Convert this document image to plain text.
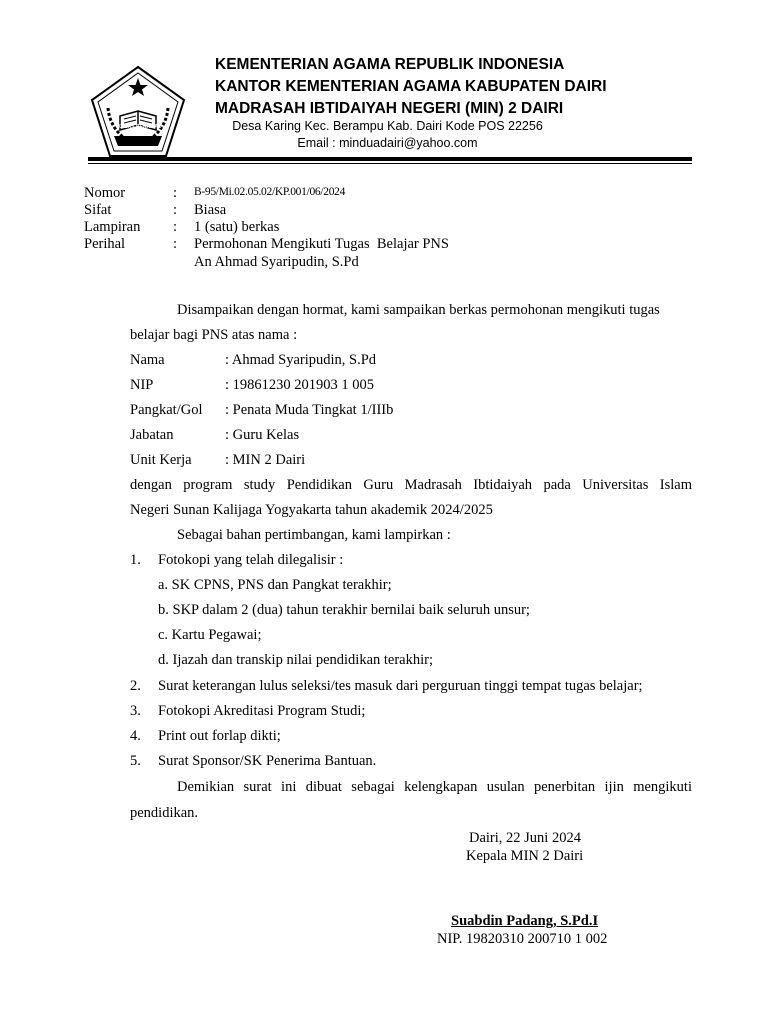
IKHLAS BERAMAL
KEMENTERIAN AGAMA REPUBLIK INDONESIA
KANTOR KEMENTERIAN AGAMA KABUPATEN DAIRI
MADRASAH IBTIDAIYAH NEGERI (MIN) 2 DAIRI
Desa Karing Kec. Berampu Kab. Dairi Kode POS 22256
Email : minduadairi@yahoo.com
Nomor	: B-95/Mi.02.05.02/KP.001/06/2024
Sifat	: Biasa
Lampiran : 1 (satu) berkas
Perihal	: Permohonan Mengikuti Tugas  Belajar PNS
An Ahmad Syaripudin, S.Pd
Disampaikan dengan hormat, kami sampaikan berkas permohonan mengikuti tugas
belajar bagi PNS atas nama :
Nama	: Ahmad Syaripudin, S.Pd
NIP	: 19861230 201903 1 005
Pangkat/Gol : Penata Muda Tingkat 1/IIIb
Jabatan	: Guru Kelas
Unit Kerja : MIN 2 Dairi
dengan program study Pendidikan Guru Madrasah Ibtidaiyah pada Universitas Islam
Negeri Sunan Kalijaga Yogyakarta tahun akademik 2024/2025
Sebagai bahan pertimbangan, kami lampirkan :
1. Fotokopi yang telah dilegalisir :
a. SK CPNS, PNS dan Pangkat terakhir;
b. SKP dalam 2 (dua) tahun terakhir bernilai baik seluruh unsur;
c. Kartu Pegawai;
d. Ijazah dan transkip nilai pendidikan terakhir;
2. Surat keterangan lulus seleksi/tes masuk dari perguruan tinggi tempat tugas belajar;
3. Fotokopi Akreditasi Program Studi;
4. Print out forlap dikti;
5. Surat Sponsor/SK Penerima Bantuan.
Demikian surat ini dibuat sebagai kelengkapan usulan penerbitan ijin mengikuti
pendidikan.
Dairi, 22 Juni 2024
Kepala MIN 2 Dairi
Suabdin Padang, S.Pd.I
NIP. 19820310 200710 1 002
